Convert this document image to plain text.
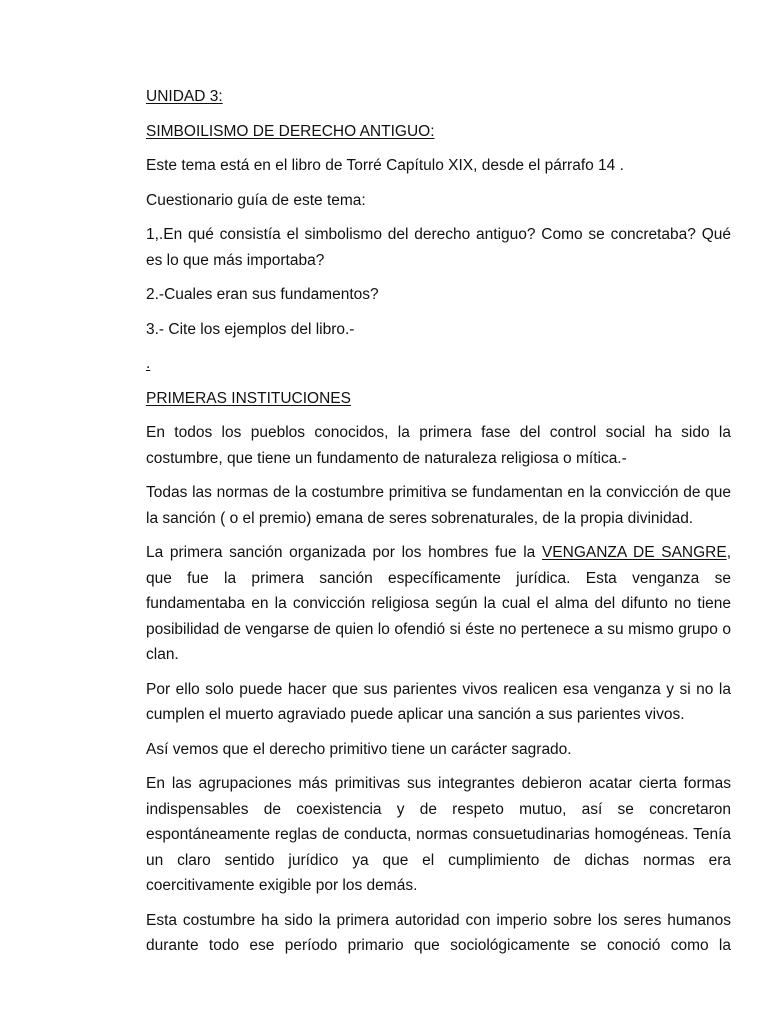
UNIDAD 3:

SIMBOILISMO DE DERECHO ANTIGUO:

Este tema está en el libro de Torré Capítulo XIX, desde el párrafo 14 .

Cuestionario guía de este tema:

1,.En qué consistía el simbolismo del derecho antiguo? Como se concretaba? Qué es lo que más importaba?

2.-Cuales eran sus fundamentos?

3.- Cite los ejemplos del libro.-

.

PRIMERAS INSTITUCIONES

En todos los pueblos conocidos, la primera fase del control social ha sido la costumbre, que tiene un fundamento de naturaleza religiosa o mítica.-

Todas las normas de la costumbre primitiva se fundamentan en la convicción de que la sanción ( o el premio) emana de seres sobrenaturales, de la propia divinidad.

La primera sanción organizada por los hombres fue la VENGANZA DE SANGRE, que fue la primera sanción específicamente jurídica. Esta venganza se fundamentaba en la convicción religiosa según la cual el alma del difunto no tiene posibilidad de vengarse de quien lo ofendió si éste no pertenece a su mismo grupo o clan.

Por ello solo puede hacer que sus parientes vivos realicen esa venganza y si no la cumplen el muerto agraviado puede aplicar una sanción a sus parientes vivos.

Así vemos que el derecho primitivo tiene un carácter sagrado.

En las agrupaciones más primitivas sus integrantes debieron acatar cierta formas indispensables de coexistencia y de respeto mutuo, así se concretaron espontáneamente reglas de conducta, normas consuetudinarias homogéneas. Tenía un claro sentido jurídico ya que el cumplimiento de dichas normas era coercitivamente exigible por los demás.

Esta costumbre ha sido la primera autoridad con imperio sobre los seres humanos durante todo ese período primario que sociológicamente se conoció como la
